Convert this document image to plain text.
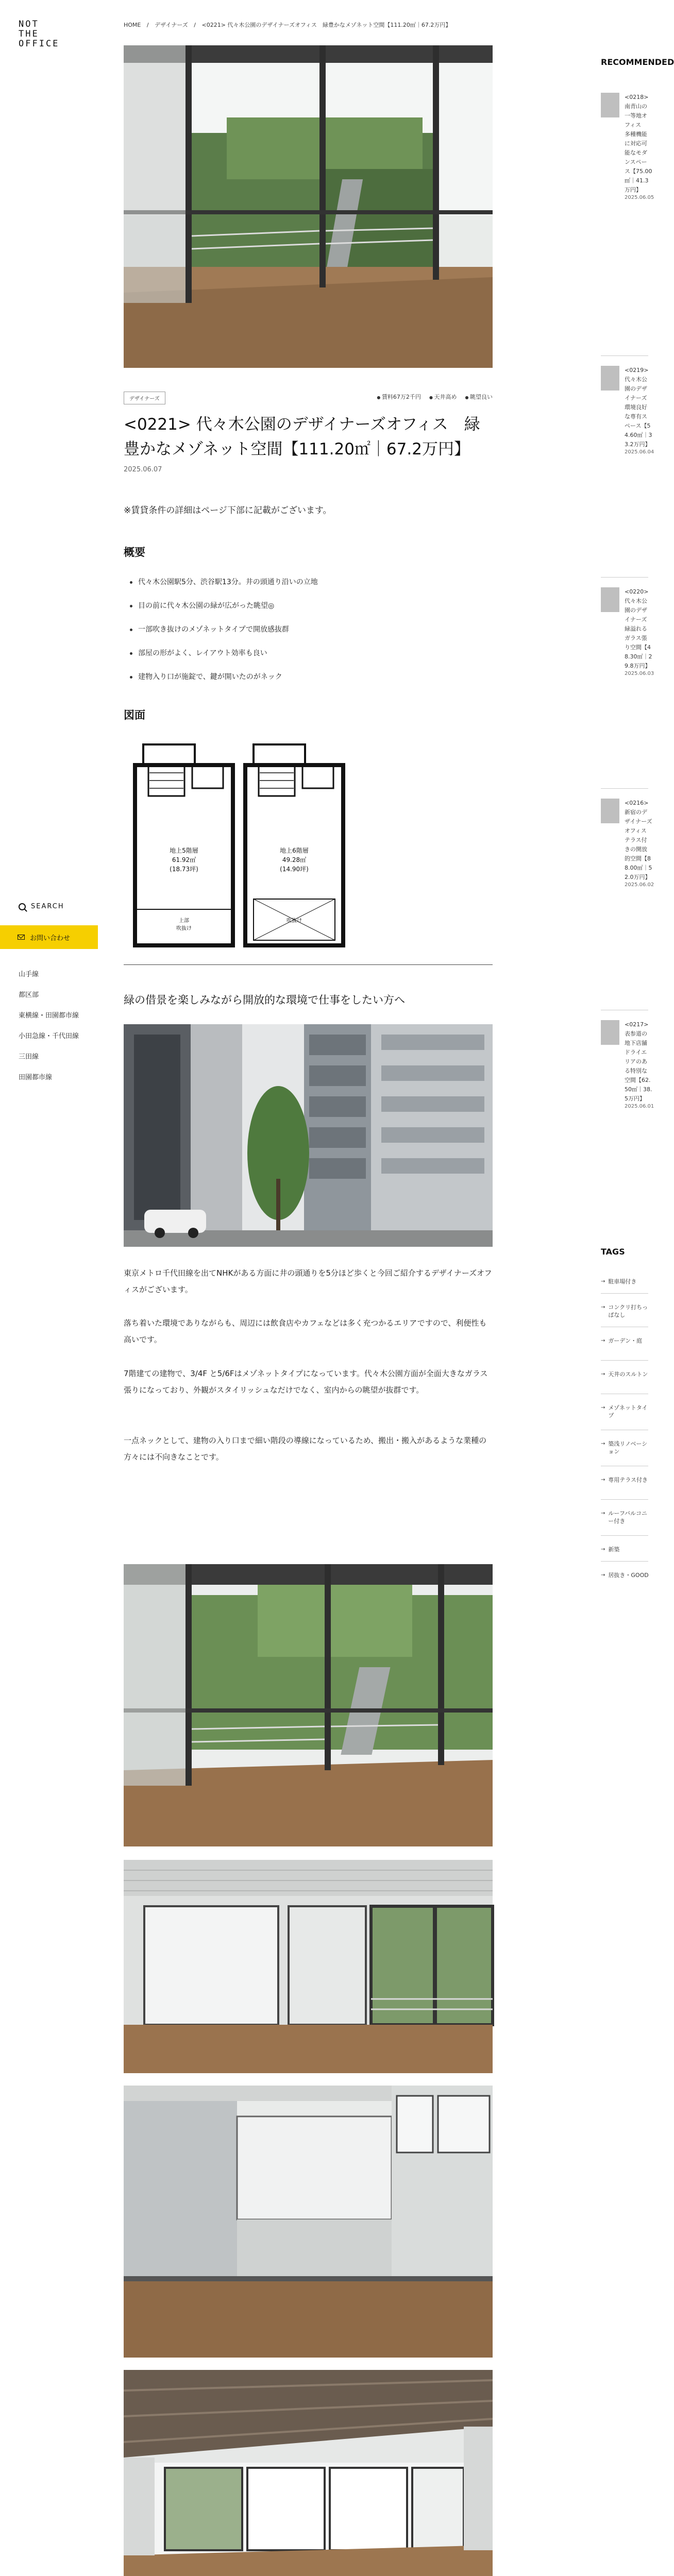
NOT
THE
OFFICE
SEARCH
お問い合わせ
山手線
都区部
東横線・田園都市線
小田急線・千代田線
三田線
田園都市線
HOME / デザイナーズ / <0221> 代々木公園のデザイナーズオフィス　緑豊かなメゾネット空間【111.20㎡｜67.2万円】
デザイナーズ	● 賃料67万2千円	● 天井高め	● 眺望良い
<0221> 代々木公園のデザイナーズオフィス　緑豊かなメゾネット空間【111.20㎡｜67.2万円】
2025.06.07
※賃貸条件の詳細はページ下部に記載がございます。
概要
代々木公園駅5分、渋谷駅13分。井の頭通り沿いの立地
目の前に代々木公園の緑が広がった眺望◎
一部吹き抜けのメゾネットタイプで開放感抜群
部屋の形がよく、レイアウト効率も良い
建物入り口が施錠で、鍵が開いたのがネック
図面
地上5階層
61.92㎡
(18.73坪)
上部
吹抜け
地上6階層
49.28㎡
(14.90坪)
吹抜け
緑の借景を楽しみながら開放的な環境で仕事をしたい方へ
東京メトロ千代田線を出てNHKがある方面に井の頭通りを5分ほど歩くと今回ご紹介するデザイナーズオフィスがございます。
落ち着いた環境でありながらも、周辺には飲食店やカフェなどは多く充つかるエリアですので、利便性も高いです。
7階建ての建物で、3/4F と5/6Fはメゾネットタイプになっています。代々木公園方面が全面大きなガラス張りになっており、外観がスタイリッシュなだけでなく、室内からの眺望が抜群です。
一点ネックとして、建物の入り口まで細い階段の導線になっているため、搬出・搬入があるような業種の方々には不向きなことです。
RECOMMENDED
<0218> 南青山の一等地オフィス　多種機能に対応可能なモダンスペース【75.00㎡｜41.3万円】
2025.06.05
<0219> 代々木公園のデザイナーズ　環境良好な専有スペース【54.60㎡｜33.2万円】
2025.06.04
<0220> 代々木公園のデザイナーズ　緑溢れるガラス張り空間【48.30㎡｜29.8万円】
2025.06.03
<0216> 新宿のデザイナーズオフィス　テラス付きの開放的空間【88.00㎡｜52.0万円】
2025.06.02
<0217> 表参道の地下店舗　ドライエリアのある特別な空間【62.50㎡｜38.5万円】
2025.06.01
TAGS
→ 駐車場付き
→ コンクリ打ちっぱなし
→ ガーデン・庭
→ 天井のスルトン
→ メゾネットタイプ
→ 築浅リノベーション
→ 専用テラス付き
→ ルーフバルコニー付き
→ 新築
→ 居抜き・GOOD
